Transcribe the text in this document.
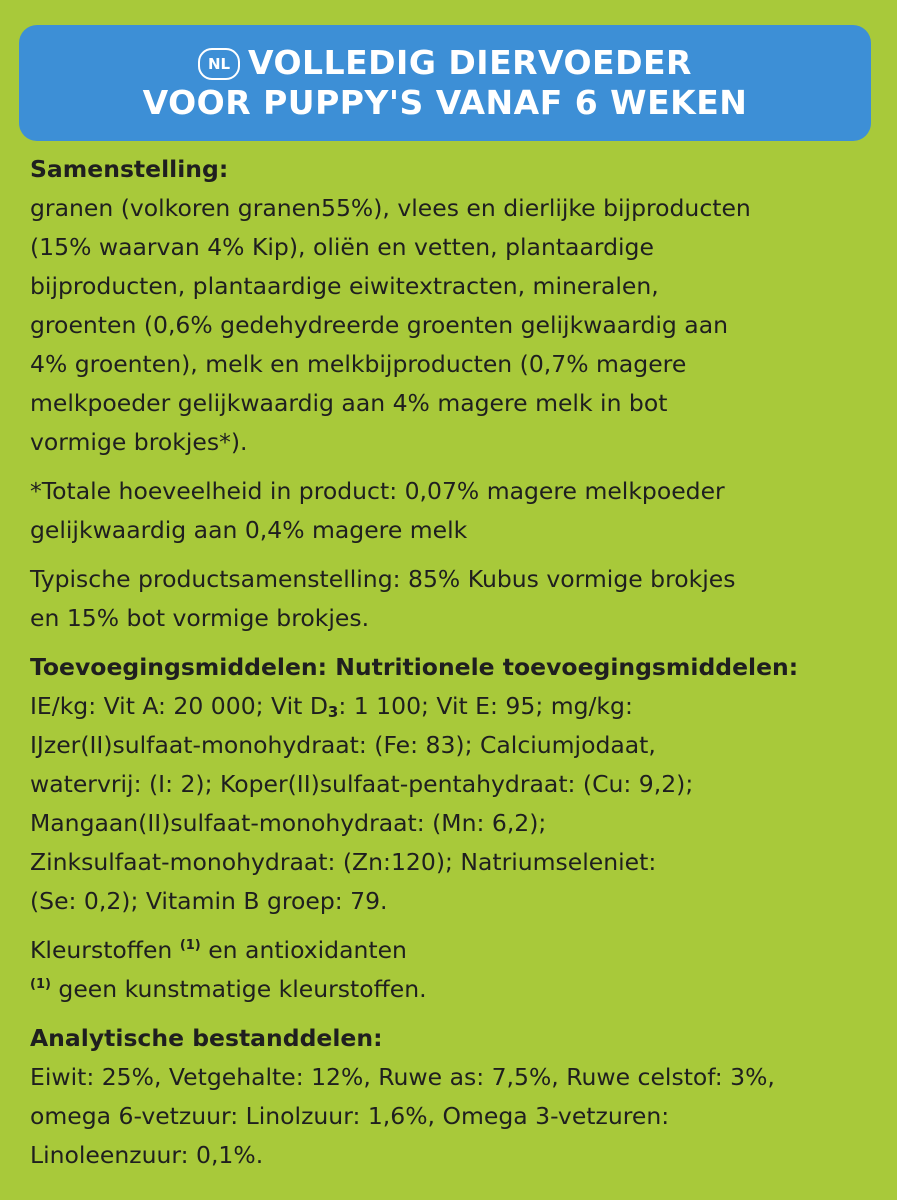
NL VOLLEDIG DIERVOEDER
VOOR PUPPY'S VANAF 6 WEKEN

Samenstelling:

granen (volkoren granen55%), vlees en dierlijke bijproducten

(15% waarvan 4% Kip), oliën en vetten, plantaardige

bijproducten, plantaardige eiwitextracten, mineralen,

groenten (0,6% gedehydreerde groenten gelijkwaardig aan

4% groenten), melk en melkbijproducten (0,7% magere

melkpoeder gelijkwaardig aan 4% magere melk in bot

vormige brokjes*).

*Totale hoeveelheid in product: 0,07% magere melkpoeder

gelijkwaardig aan 0,4% magere melk

Typische productsamenstelling: 85% Kubus vormige brokjes

en 15% bot vormige brokjes.

Toevoegingsmiddelen: Nutritionele toevoegingsmiddelen:

IE/kg: Vit A: 20 000; Vit $D_3$: 1 100; Vit E: 95; mg/kg:

IJzer(II)sulfaat-monohydraat: (Fe: 83); Calciumjodaat,

watervrij: (I: 2); Koper(II)sulfaat-pentahydraat: (Cu: 9,2);

Mangaan(II)sulfaat-monohydraat: (Mn: 6,2);

Zinksulfaat-monohydraat: (Zn:120); Natriumseleniet:

(Se: 0,2); Vitamin B groep: 79.

Kleurstoffen $^{(1)}$ en antioxidanten

$^{(1)}$ geen kunstmatige kleurstoffen.

Analytische bestanddelen:

Eiwit: 25%, Vetgehalte: 12%, Ruwe as: 7,5%, Ruwe celstof: 3%,

omega 6-vetzuur: Linolzuur: 1,6%, Omega 3-vetzuren:

Linoleenzuur: 0,1%.
